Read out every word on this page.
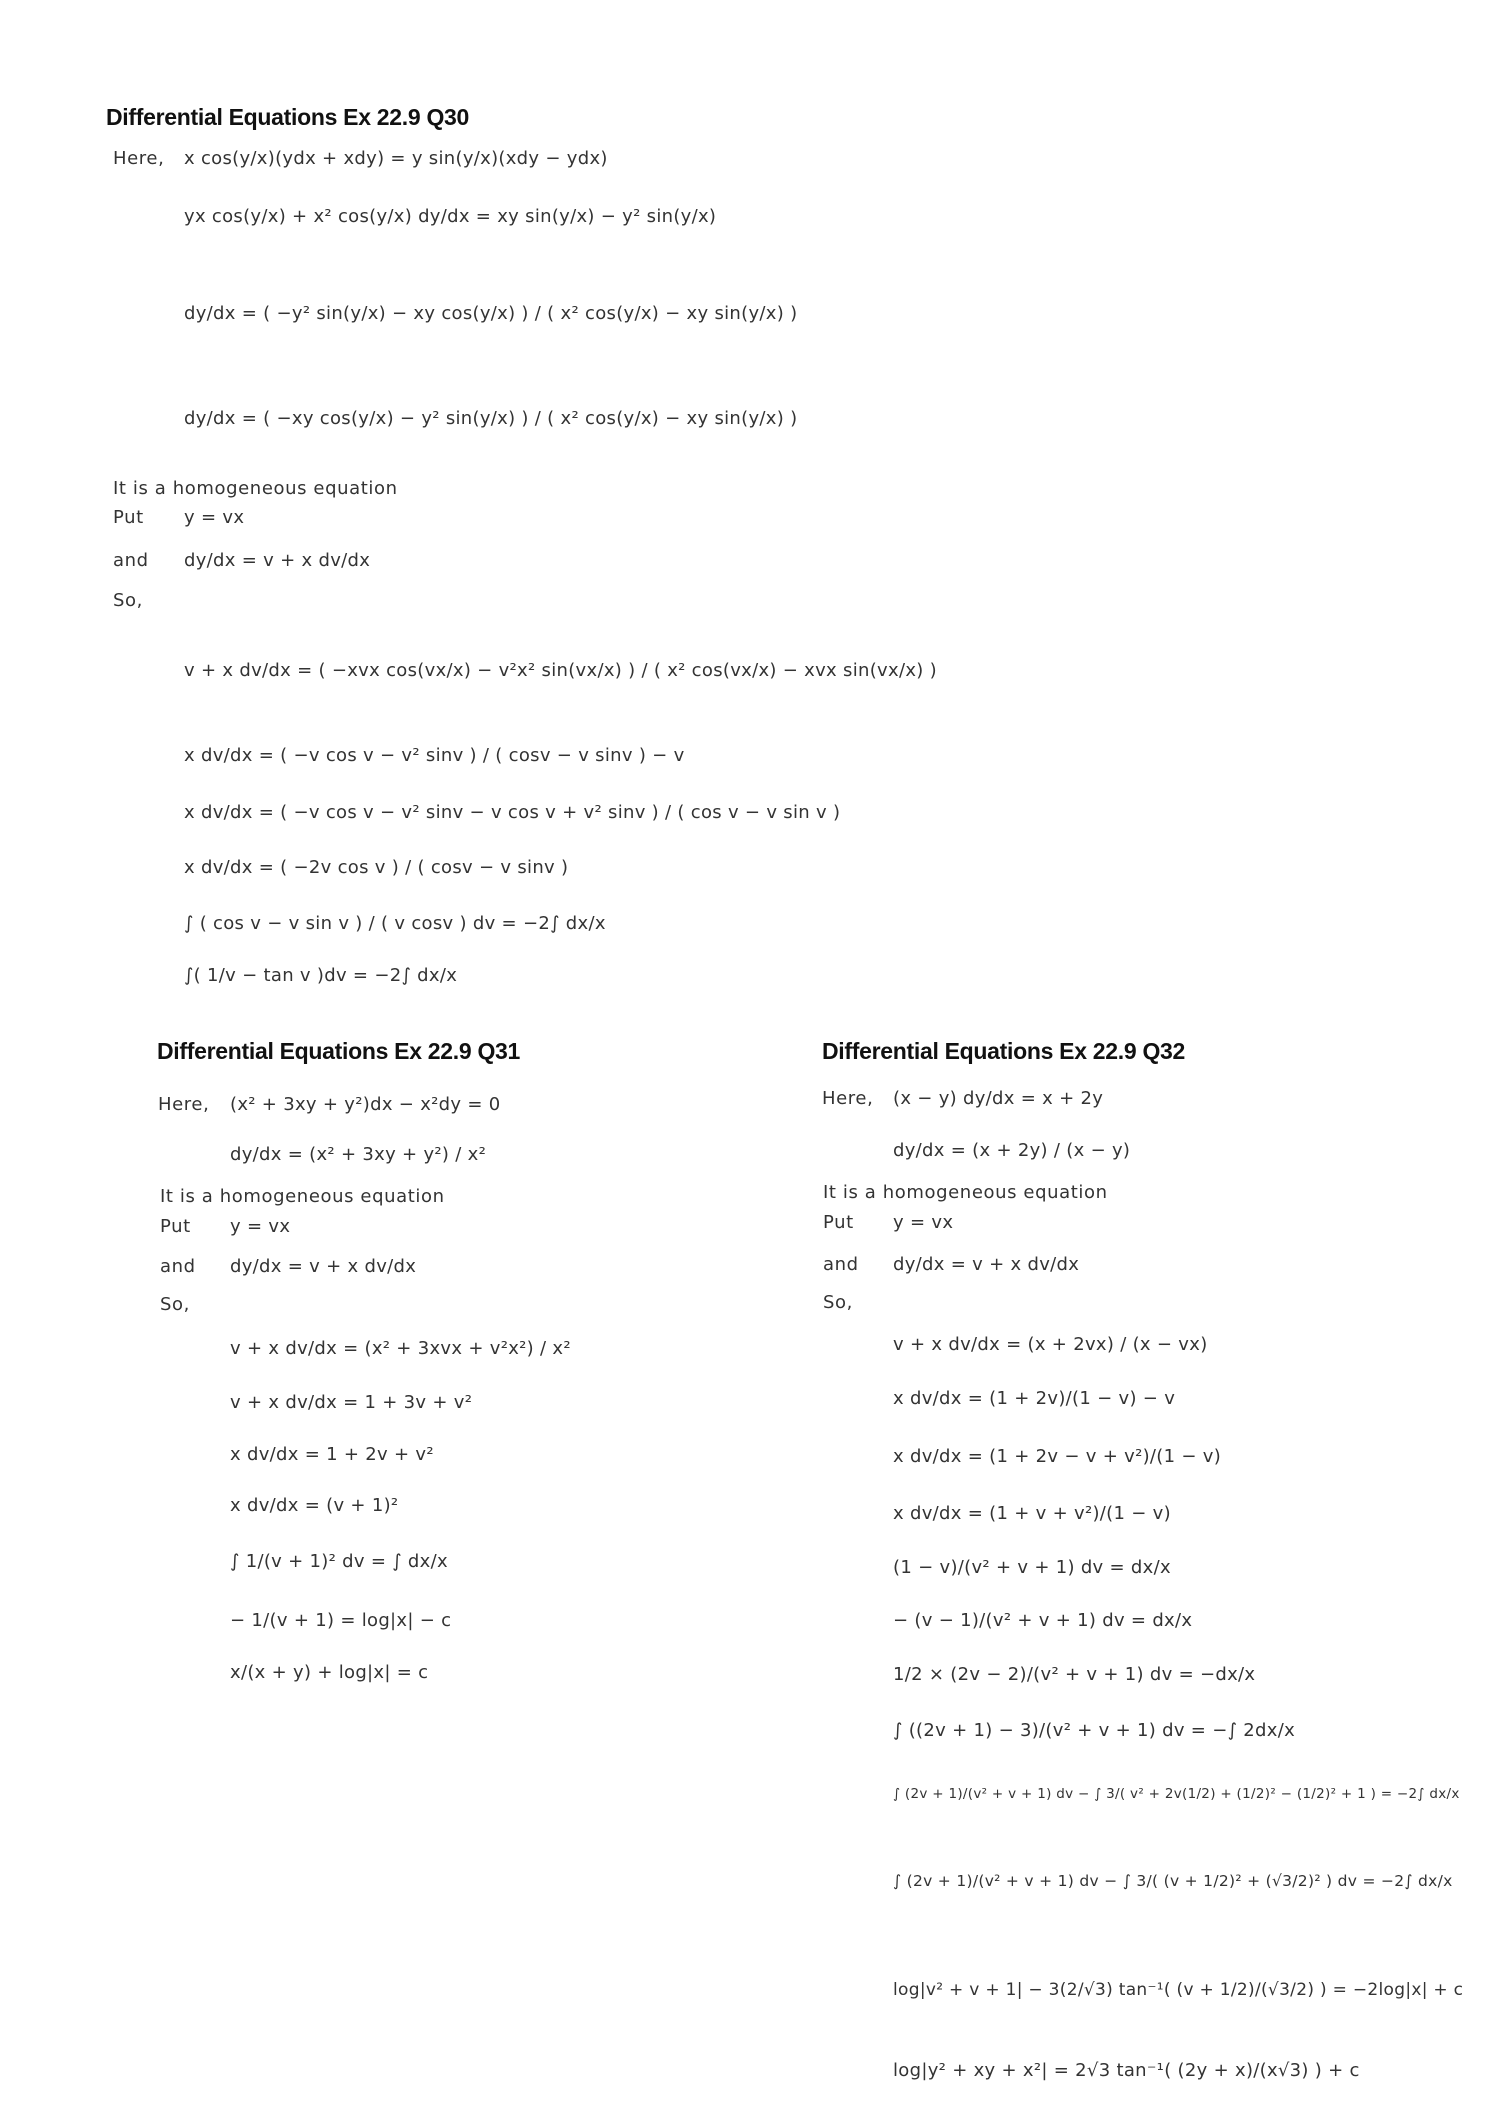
Differential Equations Ex 22.9 Q30
Here, x cos(y/x)(ydx + xdy) = y sin(y/x)(xdy − ydx)
yx cos(y/x) + x² cos(y/x) dy/dx = xy sin(y/x) − y² sin(y/x)
dy/dx = ( −y² sin(y/x) − xy cos(y/x) ) / ( x² cos(y/x) − xy sin(y/x) )
dy/dx = ( −xy cos(y/x) − y² sin(y/x) ) / ( x² cos(y/x) − xy sin(y/x) )
It is a homogeneous equation
Put y = vx
and dy/dx = v + x dv/dx
So,
v + x dv/dx = ( −xvx cos(vx/x) − v²x² sin(vx/x) ) / ( x² cos(vx/x) − xvx sin(vx/x) )
x dv/dx = ( −v cos v − v² sinv ) / ( cosv − v sinv ) − v
x dv/dx = ( −v cos v − v² sinv − v cos v + v² sinv ) / ( cos v − v sin v )
x dv/dx = ( −2v cos v ) / ( cosv − v sinv )
∫ ( cos v − v sin v ) / ( v cosv ) dv = −2∫ dx/x
∫( 1/v − tan v )dv = −2∫ dx/x
Differential Equations Ex 22.9 Q31
Here, (x² + 3xy + y²)dx − x²dy = 0
dy/dx = (x² + 3xy + y²) / x²
It is a homogeneous equation
Put y = vx
and dy/dx = v + x dv/dx
So,
v + x dv/dx = (x² + 3xvx + v²x²) / x²
v + x dv/dx = 1 + 3v + v²
x dv/dx = 1 + 2v + v²
x dv/dx = (v + 1)²
∫ 1/(v + 1)² dv = ∫ dx/x
− 1/(v + 1) = log|x| − c
x/(x + y) + log|x| = c
Differential Equations Ex 22.9 Q32
Here, (x − y) dy/dx = x + 2y
dy/dx = (x + 2y) / (x − y)
It is a homogeneous equation
Put y = vx
and dy/dx = v + x dv/dx
So,
v + x dv/dx = (x + 2vx) / (x − vx)
x dv/dx = (1 + 2v)/(1 − v) − v
x dv/dx = (1 + 2v − v + v²)/(1 − v)
x dv/dx = (1 + v + v²)/(1 − v)
(1 − v)/(v² + v + 1) dv = dx/x
− (v − 1)/(v² + v + 1) dv = dx/x
1/2 × (2v − 2)/(v² + v + 1) dv = −dx/x
∫ ((2v + 1) − 3)/(v² + v + 1) dv = −∫ 2dx/x
∫ (2v + 1)/(v² + v + 1) dv − ∫ 3/( v² + 2v(1/2) + (1/2)² − (1/2)² + 1 ) = −2∫ dx/x
∫ (2v + 1)/(v² + v + 1) dv − ∫ 3/( (v + 1/2)² + (√3/2)² ) dv = −2∫ dx/x
log|v² + v + 1| − 3(2/√3) tan⁻¹( (v + 1/2)/(√3/2) ) = −2log|x| + c
log|y² + xy + x²| = 2√3 tan⁻¹( (2y + x)/(x√3) ) + c
